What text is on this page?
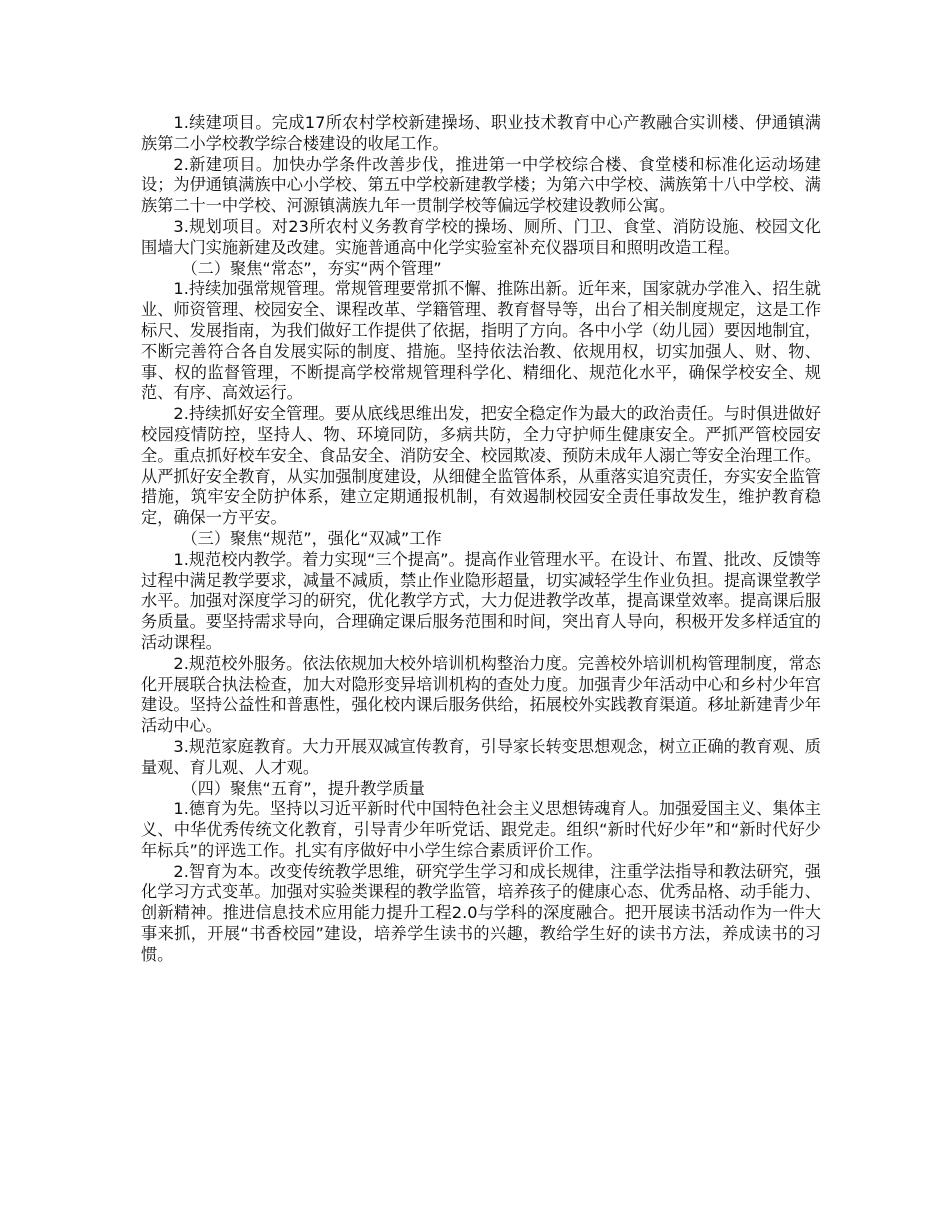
1.续建项目。完成17所农村学校新建操场、职业技术教育中心产教融合实训楼、伊通镇满族第二小学校教学综合楼建设的收尾工作。

2.新建项目。加快办学条件改善步伐，推进第一中学校综合楼、食堂楼和标准化运动场建设；为伊通镇满族中心小学校、第五中学校新建教学楼；为第六中学校、满族第十八中学校、满族第二十一中学校、河源镇满族九年一贯制学校等偏远学校建设教师公寓。

3.规划项目。对23所农村义务教育学校的操场、厕所、门卫、食堂、消防设施、校园文化围墙大门实施新建及改建。实施普通高中化学实验室补充仪器项目和照明改造工程。

（二）聚焦“常态”，夯实“两个管理”

1.持续加强常规管理。常规管理要常抓不懈、推陈出新。近年来，国家就办学准入、招生就业、师资管理、校园安全、课程改革、学籍管理、教育督导等，出台了相关制度规定，这是工作标尺、发展指南，为我们做好工作提供了依据，指明了方向。各中小学（幼儿园）要因地制宜，不断完善符合各自发展实际的制度、措施。坚持依法治教、依规用权，切实加强人、财、物、事、权的监督管理，不断提高学校常规管理科学化、精细化、规范化水平，确保学校安全、规范、有序、高效运行。

2.持续抓好安全管理。要从底线思维出发，把安全稳定作为最大的政治责任。与时俱进做好校园疫情防控，坚持人、物、环境同防，多病共防，全力守护师生健康安全。严抓严管校园安全。重点抓好校车安全、食品安全、消防安全、校园欺凌、预防未成年人溺亡等安全治理工作。从严抓好安全教育，从实加强制度建设，从细健全监管体系，从重落实追究责任，夯实安全监管措施，筑牢安全防护体系，建立定期通报机制，有效遏制校园安全责任事故发生，维护教育稳定，确保一方平安。

（三）聚焦“规范”，强化“双减”工作

1.规范校内教学。着力实现“三个提高”。提高作业管理水平。在设计、布置、批改、反馈等过程中满足教学要求，减量不减质，禁止作业隐形超量，切实减轻学生作业负担。提高课堂教学水平。加强对深度学习的研究，优化教学方式，大力促进教学改革，提高课堂效率。提高课后服务质量。要坚持需求导向，合理确定课后服务范围和时间，突出育人导向，积极开发多样适宜的活动课程。

2.规范校外服务。依法依规加大校外培训机构整治力度。完善校外培训机构管理制度，常态化开展联合执法检查，加大对隐形变异培训机构的查处力度。加强青少年活动中心和乡村少年宫建设。坚持公益性和普惠性，强化校内课后服务供给，拓展校外实践教育渠道。移址新建青少年活动中心。

3.规范家庭教育。大力开展双减宣传教育，引导家长转变思想观念，树立正确的教育观、质量观、育儿观、人才观。

（四）聚焦“五育”，提升教学质量

1.德育为先。坚持以习近平新时代中国特色社会主义思想铸魂育人。加强爱国主义、集体主义、中华优秀传统文化教育，引导青少年听党话、跟党走。组织“新时代好少年”和“新时代好少年标兵”的评选工作。扎实有序做好中小学生综合素质评价工作。

2.智育为本。改变传统教学思维，研究学生学习和成长规律，注重学法指导和教法研究，强化学习方式变革。加强对实验类课程的教学监管，培养孩子的健康心态、优秀品格、动手能力、创新精神。推进信息技术应用能力提升工程2.0与学科的深度融合。把开展读书活动作为一件大事来抓，开展“书香校园”建设，培养学生读书的兴趣，教给学生好的读书方法，养成读书的习惯。
